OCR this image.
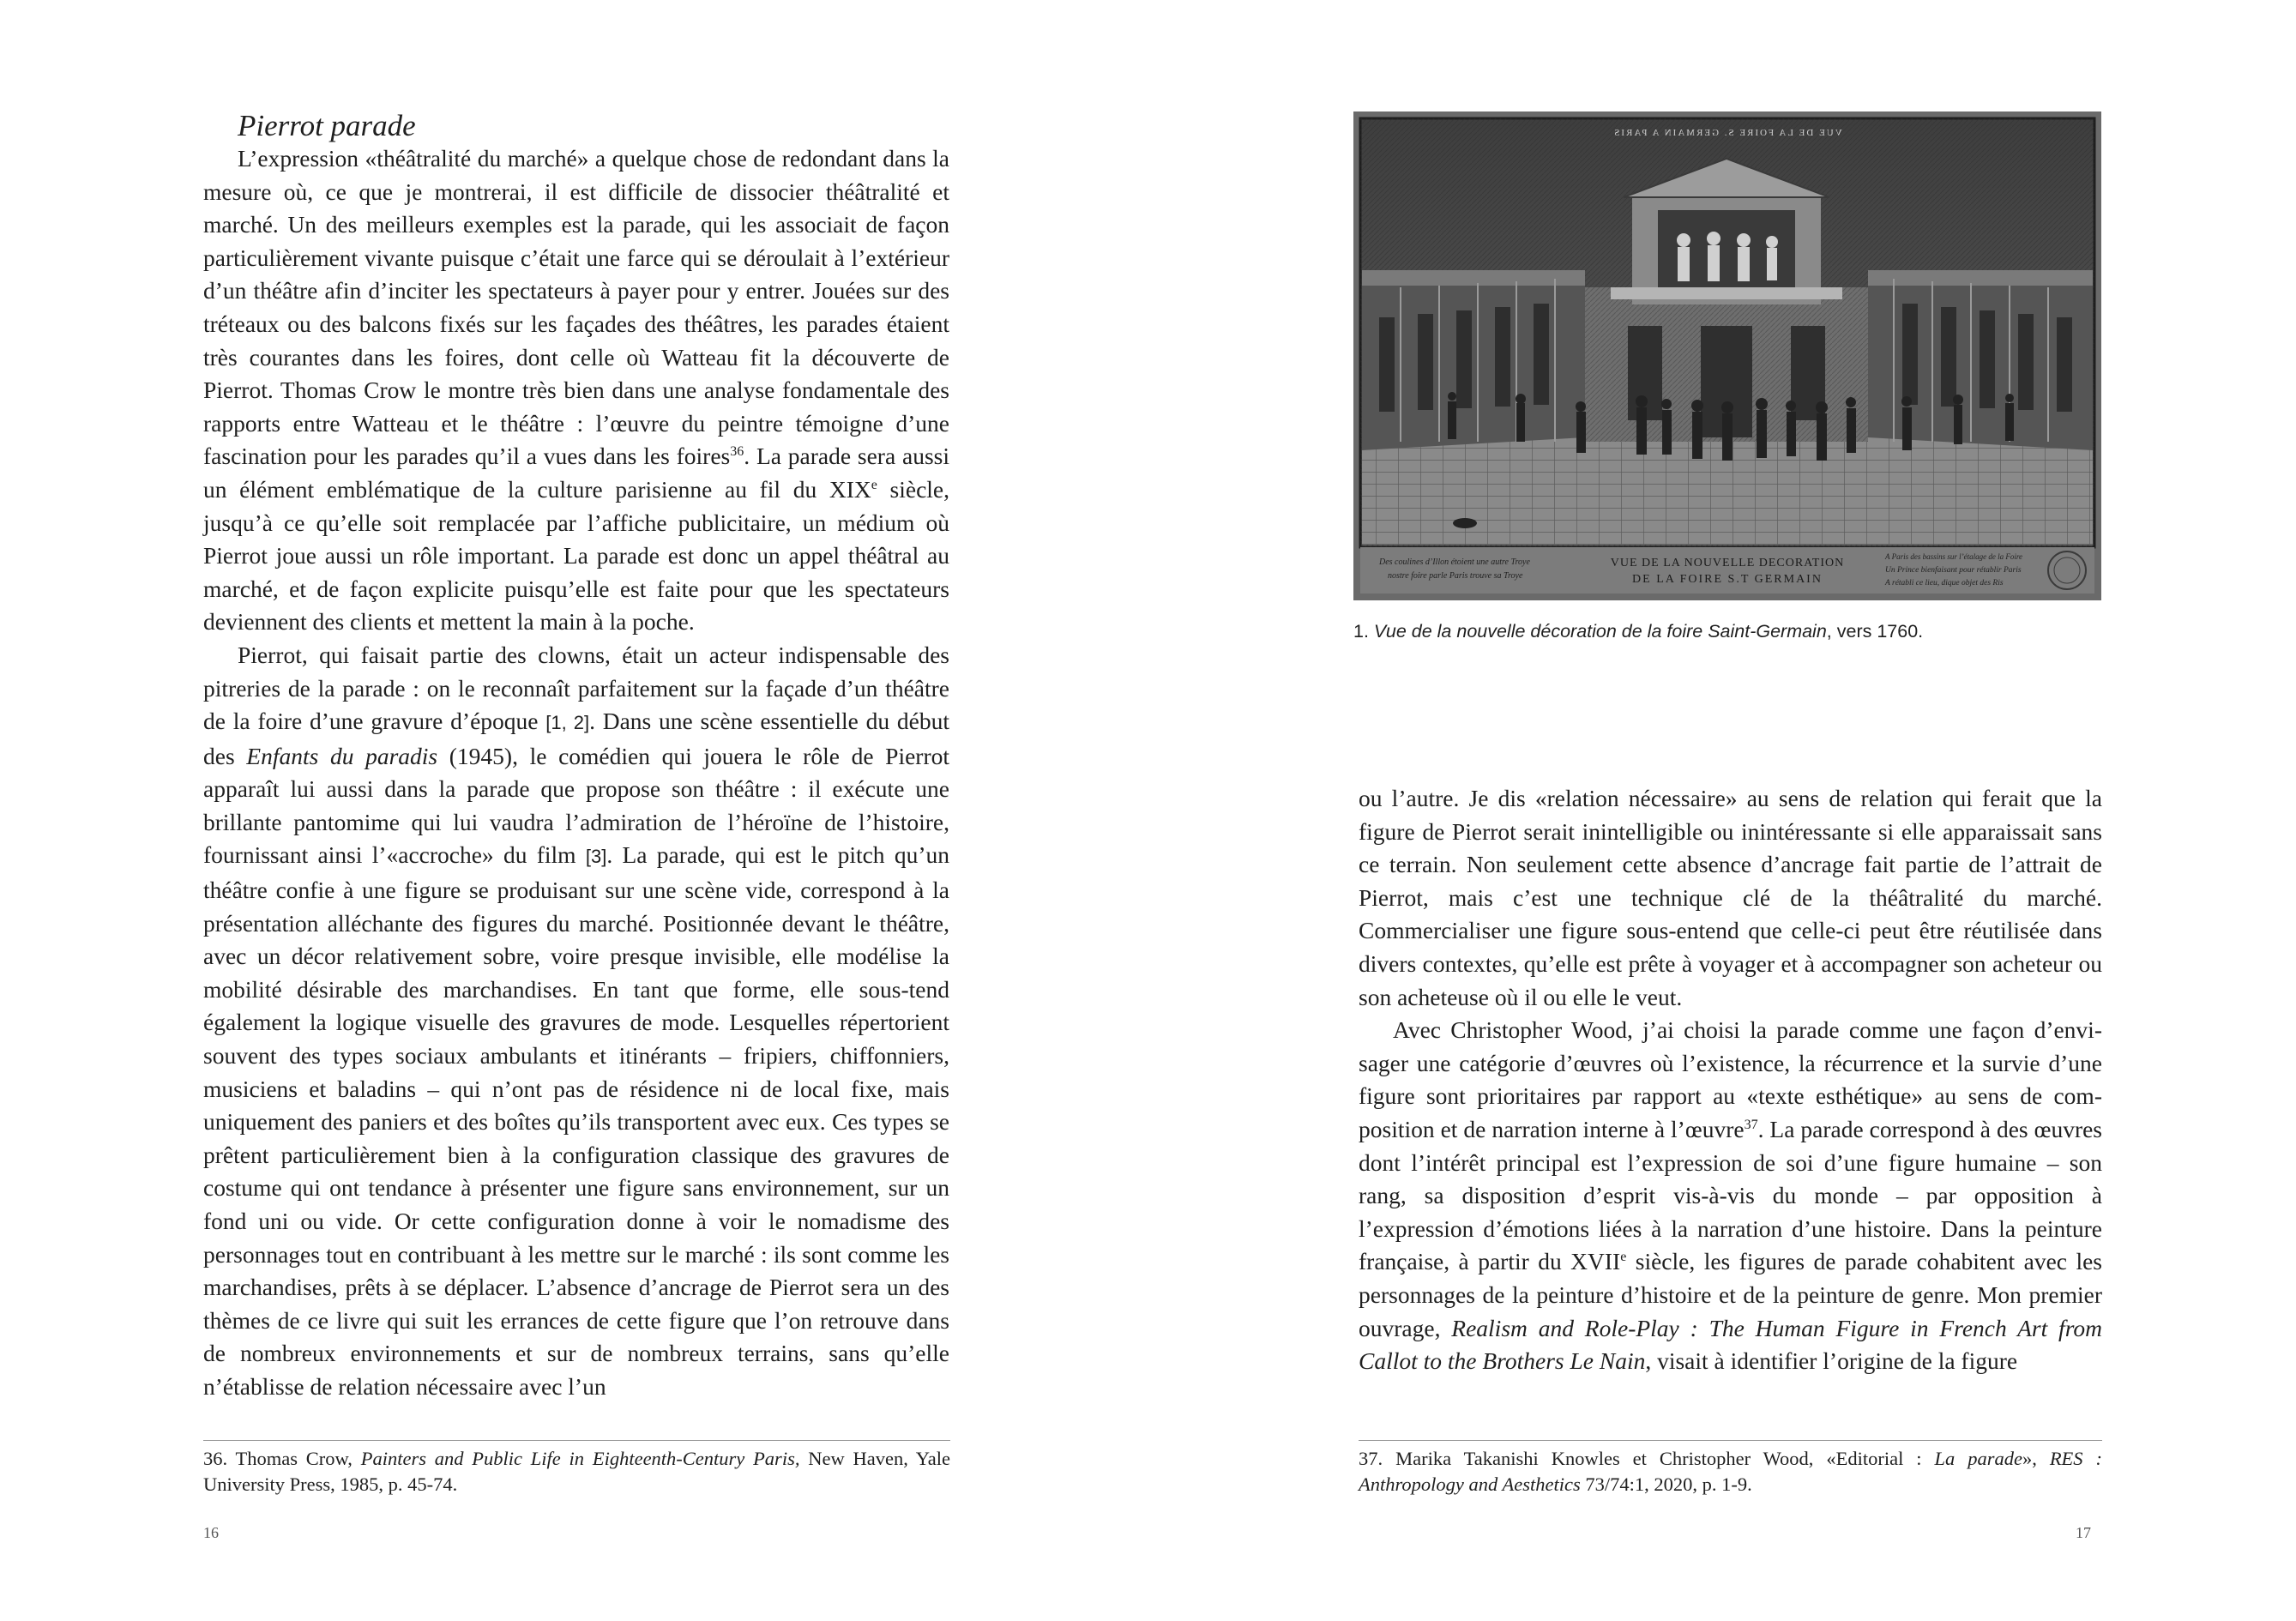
Pierrot parade

L’expression «théâtralité du marché» a quelque chose de redondant dans la mesure où, ce que je montrerai, il est difficile de dissocier théâtralité et marché. Un des meilleurs exemples est la parade, qui les associait de façon particulièrement vivante puisque c’était une farce qui se déroulait à l’extérieur d’un théâtre afin d’inciter les spectateurs à payer pour y entrer. Jouées sur des tréteaux ou des balcons fixés sur les façades des théâtres, les parades étaient très courantes dans les foires, dont celle où Watteau fit la découverte de Pierrot. Thomas Crow le montre très bien dans une analyse fondamentale des rapports entre Watteau et le théâtre : l’œuvre du peintre témoigne d’une fascination pour les parades qu’il a vues dans les foires$^{36}$. La parade sera aussi un élément emblématique de la culture parisienne au fil du XIXe siècle, jusqu’à ce qu’elle soit remplacée par l’affiche publicitaire, un médium où Pierrot joue aussi un rôle important. La parade est donc un appel théâtral au marché, et de façon explicite puisqu’elle est faite pour que les spectateurs deviennent des clients et mettent la main à la poche.

Pierrot, qui faisait partie des clowns, était un acteur indispensable des pitreries de la parade : on le reconnaît parfaitement sur la façade d’un théâtre de la foire d’une gravure d’époque [1, 2]. Dans une scène essentielle du début des Enfants du paradis (1945), le comédien qui jouera le rôle de Pierrot apparaît lui aussi dans la parade que propose son théâtre : il exécute une brillante pantomime qui lui vaudra l’admiration de l’héroïne de l’histoire, fournissant ainsi l’«accroche» du film [3]. La parade, qui est le pitch qu’un théâtre confie à une figure se produisant sur une scène vide, correspond à la présentation alléchante des figures du marché. Positionnée devant le théâtre, avec un décor relativement sobre, voire presque invisible, elle modélise la mobilité désirable des marchandises. En tant que forme, elle sous-tend également la logique visuelle des gravures de mode. Lesquelles répertorient souvent des types sociaux ambulants et itinérants – fripiers, chiffonniers, musiciens et baladins – qui n’ont pas de résidence ni de local fixe, mais uniquement des paniers et des boîtes qu’ils transportent avec eux. Ces types se prêtent particulièrement bien à la configuration classique des gravures de costume qui ont tendance à présenter une figure sans environnement, sur un fond uni ou vide. Or cette configuration donne à voir le nomadisme des personnages tout en contribuant à les mettre sur le marché : ils sont comme les marchandises, prêts à se déplacer. L’absence d’ancrage de Pierrot sera un des thèmes de ce livre qui suit les errances de cette figure que l’on retrouve dans de nombreux environnements et sur de nombreux terrains, sans qu’elle n’établisse de relation nécessaire avec l’un

36. Thomas Crow, Painters and Public Life in Eighteenth-Century Paris, New Haven, Yale University Press, 1985, p. 45-74.
16
VUE DE LA FOIRE S. GERMAIN A PARIS
Des coulines d’Illon étoient une autre Troye
nostre foire parle Paris trouve sa Troye
VUE DE LA NOUVELLE DECORATION
DE LA FOIRE S.T GERMAIN
A Paris des bassins sur l’étalage de la Foire
Un Prince bienfaisant pour rétablir Paris
A rétabli ce lieu, dique objet des Ris
1. Vue de la nouvelle décoration de la foire Saint-Germain, vers 1760.

ou l’autre. Je dis «relation nécessaire» au sens de relation qui ferait que la figure de Pierrot serait inintelligible ou inintéressante si elle apparaissait sans ce terrain. Non seulement cette absence d’ancrage fait partie de l’attrait de Pierrot, mais c’est une technique clé de la théâtralité du marché. Commercialiser une figure sous-entend que celle-ci peut être réutilisée dans divers contextes, qu’elle est prête à voyager et à accompagner son acheteur ou son acheteuse où il ou elle le veut.

Avec Christopher Wood, j’ai choisi la parade comme une façon d’envisager une catégorie d’œuvres où l’existence, la récurrence et la survie d’une figure sont prioritaires par rapport au «texte esthétique» au sens de composition et de narration interne à l’œuvre$^{37}$. La parade correspond à des œuvres dont l’intérêt principal est l’expression de soi d’une figure humaine – son rang, sa disposition d’esprit vis-à-vis du monde – par opposition à l’expression d’émotions liées à la narration d’une histoire. Dans la peinture française, à partir du XVIIe siècle, les figures de parade cohabitent avec les personnages de la peinture d’histoire et de la peinture de genre. Mon premier ouvrage, Realism and Role-Play : The Human Figure in French Art from Callot to the Brothers Le Nain, visait à identifier l’origine de la figure

37. Marika Takanishi Knowles et Christopher Wood, «Editorial : La parade», RES : Anthropology and Aesthetics 73/74:1, 2020, p. 1-9.
17
